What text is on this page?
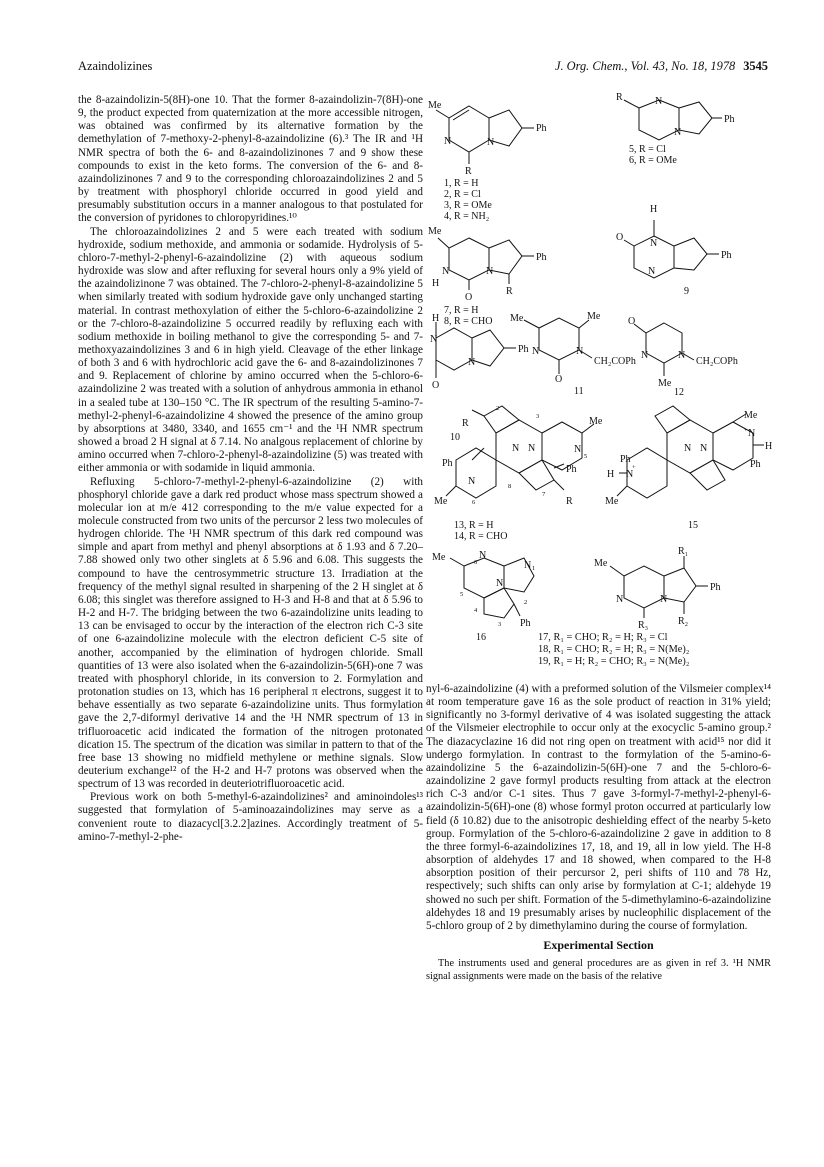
Azaindolizines	J. Org. Chem., Vol. 43, No. 18, 1978 3545

the 8-azaindolizin-5(8H)-one 10. That the former 8-azaindolizin-7(8H)-one 9, the product expected from quaternization at the more accessible nitrogen, was obtained was confirmed by its alternative formation by the demethylation of 7-methoxy-2-phenyl-8-azaindolizine (6).³ The IR and ¹H NMR spectra of both the 6- and 8-azaindolizinones 7 and 9 show these compounds to exist in the keto forms. The conversion of the 6- and 8-azaindolizinones 7 and 9 to the corresponding chloroazaindolizines 2 and 5 by treatment with phosphoryl chloride occurred in good yield and presumably substitution occurs in a manner analogous to that postulated for the conversion of pyridones to chloropyridines.¹⁰

The chloroazaindolizines 2 and 5 were each treated with sodium hydroxide, sodium methoxide, and ammonia or sodamide. Hydrolysis of 5-chloro-7-methyl-2-phenyl-6-azaindolizine (2) with aqueous sodium hydroxide was slow and after refluxing for several hours only a 9% yield of the azaindolizinone 7 was obtained. The 7-chloro-2-phenyl-8-azaindolizine 5 when similarly treated with sodium hydroxide gave only unchanged starting material. In contrast methoxylation of either the 5-chloro-6-azaindolizine 2 or the 7-chloro-8-azaindolizine 5 occurred readily by refluxing each with sodium methoxide in boiling methanol to give the corresponding 5- and 7-methoxyazaindolizines 3 and 6 in high yield. Cleavage of the ether linkage of both 3 and 6 with hydrochloric acid gave the 6- and 8-azaindolizinones 7 and 9. Replacement of chlorine by amino occurred when the 5-chloro-6-azaindolizine 2 was treated with a solution of anhydrous ammonia in ethanol in a sealed tube at 130–150 °C. The IR spectrum of the resulting 5-amino-7-methyl-2-phenyl-6-azaindolizine 4 showed the presence of the amino group by absorptions at 3480, 3340, and 1655 cm⁻¹ and the ¹H NMR spectrum showed a broad 2 H signal at δ 7.14. No analgous replacement of chlorine by amino occurred when 7-chloro-2-phenyl-8-azaindolizine (5) was treated with either ammonia or with sodamide in liquid ammonia.

Refluxing 5-chloro-7-methyl-2-phenyl-6-azaindolizine (2) with phosphoryl chloride gave a dark red product whose mass spectrum showed a molecular ion at m/e 412 corresponding to the m/e value expected for a molecule constructed from two units of the percursor 2 less two molecules of hydrogen chloride. The ¹H NMR spectrum of this dark red compound was simple and apart from methyl and phenyl absorptions at δ 1.93 and δ 7.20–7.88 showed only two other singlets at δ 5.96 and 6.08. This suggests the compound to have the centrosymmetric structure 13. Irradiation at the frequency of the methyl signal resulted in sharpening of the 2 H singlet at δ 6.08; this singlet was therefore assigned to H-3 and H-8 and that at δ 5.96 to H-2 and H-7. The bridging between the two 6-azaindolizine units leading to 13 can be envisaged to occur by the interaction of the electron rich C-3 site of one 6-azaindolizine molecule with the electron deficient C-5 site of another, accompanied by the elimination of hydrogen chloride. Small quantities of 13 were also isolated when the 6-azaindolizin-5(6H)-one 7 was treated with phosphoryl chloride, in its conversion to 2. Formylation and protonation studies on 13, which has 16 peripheral π electrons, suggest it to behave essentially as two separate 6-azaindolizine units. Thus formylation gave the 2,7-diformyl derivative 14 and the ¹H NMR spectrum of 13 in trifluoroacetic acid indicated the formation of the nitrogen protonated dication 15. The spectrum of the dication was similar in pattern to that of the free base 13 showing no midfield methylene or methine signals. Slow deuterium exchange¹² of the H-2 and H-7 protons was observed when the spectrum of 13 was recorded in deuteriotrifluoroacetic acid.

Previous work on both 5-methyl-6-azaindolizines² and aminoindoles¹³ suggested that formylation of 5-aminoazaindolizines may serve as a convenient route to diazacycl[3.2.2]azines. Accordingly treatment of 5-amino-7-methyl-2-phe-

nyl-6-azaindolizine (4) with a preformed solution of the Vilsmeier complex¹⁴ at room temperature gave 16 as the sole product of reaction in 31% yield; significantly no 3-formyl derivative of 4 was isolated suggesting the attack of the Vilsmeier electrophile to occur only at the exocyclic 5-amino group.² The diazacyclazine 16 did not ring open on treatment with acid¹⁵ nor did it undergo formylation. In contrast to the formylation of the 5-amino-6-azaindolizine 5 the 6-azaindolizin-5(6H)-one 7 and the 5-chloro-6-azaindolizine 2 gave formyl products resulting from attack at the electron rich C-3 and/or C-1 sites. Thus 7 gave 3-formyl-7-methyl-2-phenyl-6-azaindolizin-5(6H)-one (8) whose formyl proton occurred at particularly low field (δ 10.82) due to the anisotropic deshielding effect of the nearby 5-keto group. Formylation of the 5-chloro-6-azaindolizine 2 gave in addition to 8 the three formyl-6-azaindolizines 17, 18, and 19, all in low yield. The H-8 absorption of aldehydes 17 and 18 showed, when compared to the H-8 absorption position of their percursor 2, peri shifts of 110 and 78 Hz, respectively; such shifts can only arise by formylation at C-1; aldehyde 19 showed no such per shift. Formation of the 5-dimethylamino-6-azaindolizine aldehydes 18 and 19 presumably arises by nucleophilic displacement of the 5-chloro group of 2 by dimethylamino during the course of formylation.

Experimental Section

The instruments used and general procedures are as given in ref 3. ¹H NMR signal assignments were made on the basis of the relative

Me
Ph
N	N
R
1, R = H
2, R = Cl
3, R = OMe
4, R = NH₂
R	N
N
Ph
5, R = Cl
6, R = OMe
Me
Ph
N	N
H
O
R
7, R = H
8, R = CHO
H
N
N
O
Ph
9
H
N
N
O
Ph
10
Me	Me
N	N
O
CH₂COPh
11
O
N	N
Me
CH₂COPh
12
R	Me
Ph
Ph
N
N
N N
5
3
2
7
8
6
Me	R
13, R = H
14, R = CHO
Me
N
+
H
Ph
Ph
H N
+
N N
Me
15
Me	N
N
N
6
1
5
4
3
2
Ph
16
Me
R₁
Ph
N	N
R₃	R₂
17, R₁ = CHO; R₂ = H; R₃ = Cl
18, R₁ = CHO; R₂ = H; R₃ = N(Me)₂
19, R₁ = H; R₂ = CHO; R₃ = N(Me)₂
